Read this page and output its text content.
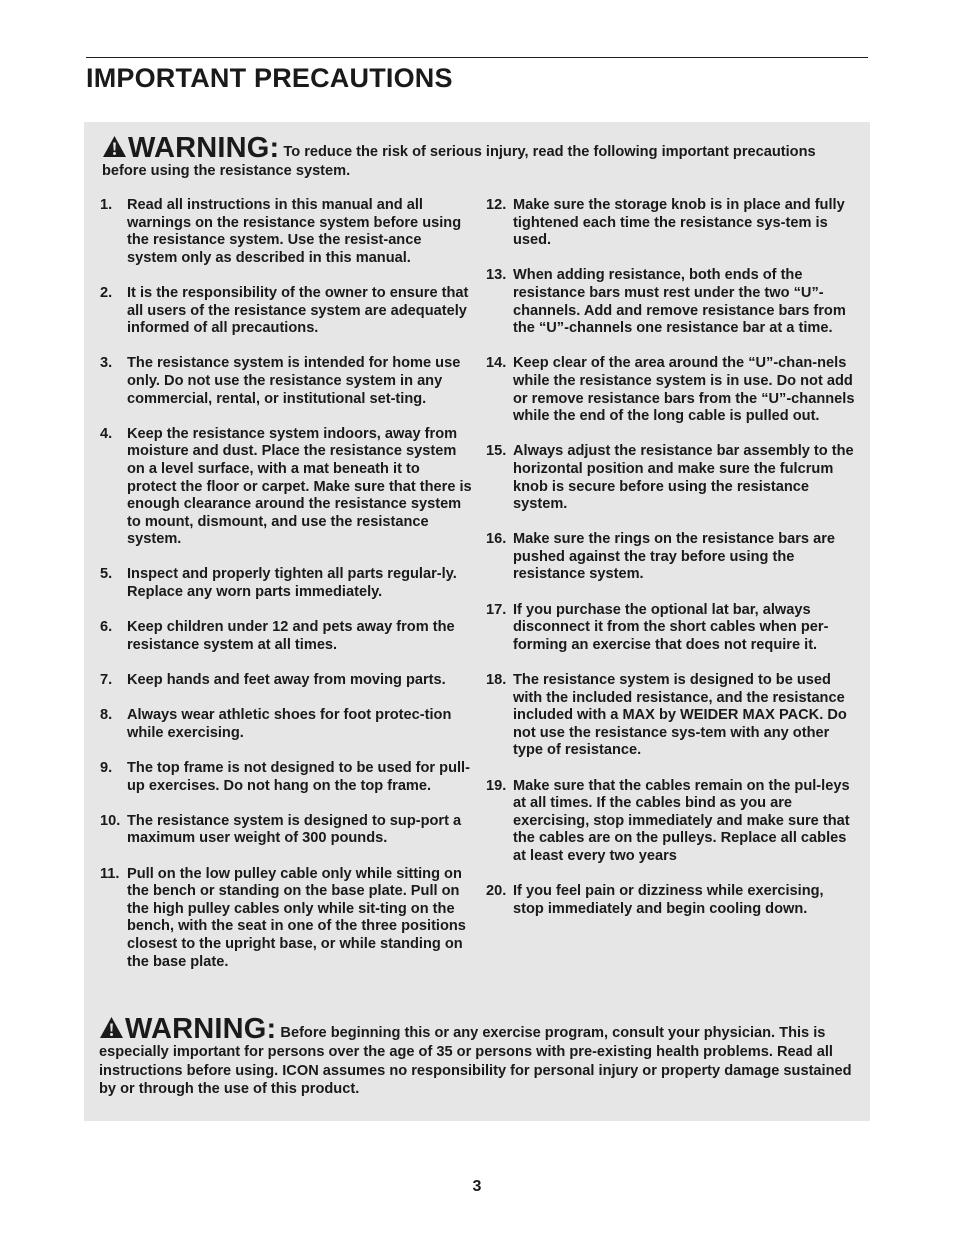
IMPORTANT PRECAUTIONS
WARNING: To reduce the risk of serious injury, read the following important precautions before using the resistance system.
1. Read all instructions in this manual and all warnings on the resistance system before using the resistance system. Use the resist-ance system only as described in this manual.
2. It is the responsibility of the owner to ensure that all users of the resistance system are adequately informed of all precautions.
3. The resistance system is intended for home use only. Do not use the resistance system in any commercial, rental, or institutional set-ting.
4. Keep the resistance system indoors, away from moisture and dust. Place the resistance system on a level surface, with a mat beneath it to protect the floor or carpet. Make sure that there is enough clearance around the resistance system to mount, dismount, and use the resistance system.
5. Inspect and properly tighten all parts regular-ly. Replace any worn parts immediately.
6. Keep children under 12 and pets away from the resistance system at all times.
7. Keep hands and feet away from moving parts.
8. Always wear athletic shoes for foot protec-tion while exercising.
9. The top frame is not designed to be used for pull-up exercises. Do not hang on the top frame.
10. The resistance system is designed to sup-port a maximum user weight of 300 pounds.
11. Pull on the low pulley cable only while sitting on the bench or standing on the base plate. Pull on the high pulley cables only while sit-ting on the bench, with the seat in one of the three positions closest to the upright base, or while standing on the base plate.
12. Make sure the storage knob is in place and fully tightened each time the resistance sys-tem is used.
13. When adding resistance, both ends of the resistance bars must rest under the two “U”-channels. Add and remove resistance bars from the “U”-channels one resistance bar at a time.
14. Keep clear of the area around the “U”-chan-nels while the resistance system is in use. Do not add or remove resistance bars from the “U”-channels while the end of the long cable is pulled out.
15. Always adjust the resistance bar assembly to the horizontal position and make sure the fulcrum knob is secure before using the resistance system.
16. Make sure the rings on the resistance bars are pushed against the tray before using the resistance system.
17. If you purchase the optional lat bar, always disconnect it from the short cables when per-forming an exercise that does not require it.
18. The resistance system is designed to be used with the included resistance, and the resistance included with a MAX by WEIDER MAX PACK. Do not use the resistance sys-tem with any other type of resistance.
19. Make sure that the cables remain on the pul-leys at all times. If the cables bind as you are exercising, stop immediately and make sure that the cables are on the pulleys. Replace all cables at least every two years
20. If you feel pain or dizziness while exercising, stop immediately and begin cooling down.
WARNING: Before beginning this or any exercise program, consult your physician. This is especially important for persons over the age of 35 or persons with pre-existing health problems. Read all instructions before using. ICON assumes no responsibility for personal injury or property damage sustained by or through the use of this product.
3
